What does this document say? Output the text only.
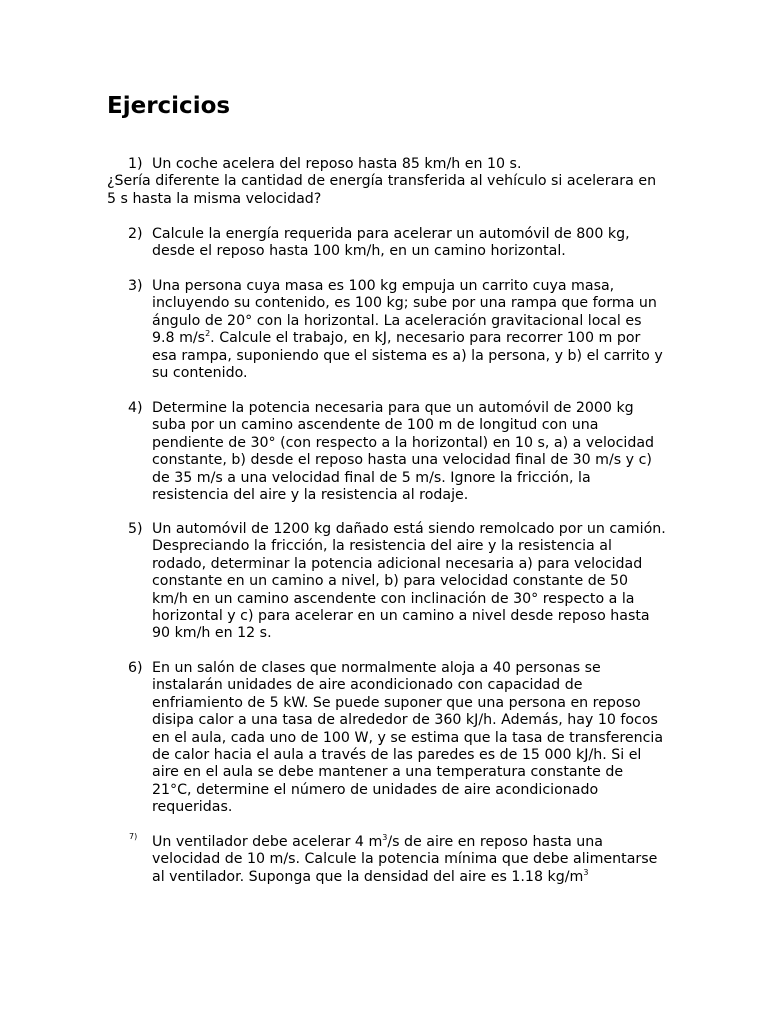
Ejercicios
1) Un coche acelera del reposo hasta 85 km/h en 10 s.
¿Sería diferente la cantidad de energía transferida al vehículo si acelerara en 5 s hasta la misma velocidad?
2) Calcule la energía requerida para acelerar un automóvil de 800 kg, desde el reposo hasta 100 km/h, en un camino horizontal.
3) Una persona cuya masa es 100 kg empuja un carrito cuya masa, incluyendo su contenido, es 100 kg; sube por una rampa que forma un ángulo de 20° con la horizontal. La aceleración gravitacional local es 9.8 $m/s^2$. Calcule el trabajo, en kJ, necesario para recorrer 100 m por esa rampa, suponiendo que el sistema es a) la persona, y b) el carrito y su contenido.
4) Determine la potencia necesaria para que un automóvil de 2000 kg suba por un camino ascendente de 100 m de longitud con una pendiente de 30° (con respecto a la horizontal) en 10 s, a) a velocidad constante, b) desde el reposo hasta una velocidad final de 30 m/s y c) de 35 m/s a una velocidad final de 5 m/s. Ignore la fricción, la resistencia del aire y la resistencia al rodaje.
5) Un automóvil de 1200 kg dañado está siendo remolcado por un camión. Despreciando la fricción, la resistencia del aire y la resistencia al rodado, determinar la potencia adicional necesaria a) para velocidad constante en un camino a nivel, b) para velocidad constante de 50 km/h en un camino ascendente con inclinación de 30° respecto a la horizontal y c) para acelerar en un camino a nivel desde reposo hasta 90 km/h en 12 s.
6) En un salón de clases que normalmente aloja a 40 personas se instalarán unidades de aire acondicionado con capacidad de enfriamiento de 5 kW. Se puede suponer que una persona en reposo disipa calor a una tasa de alrededor de 360 kJ/h. Además, hay 10 focos en el aula, cada uno de 100 W, y se estima que la tasa de transferencia de calor hacia el aula a través de las paredes es de 15 000 kJ/h. Si el aire en el aula se debe mantener a una temperatura constante de 21°C, determine el número de unidades de aire acondicionado requeridas.
7) Un ventilador debe acelerar 4 $m^3/s$ de aire en reposo hasta una velocidad de 10 m/s. Calcule la potencia mínima que debe alimentarse al ventilador. Suponga que la densidad del aire es 1.18 $kg/m^3$
